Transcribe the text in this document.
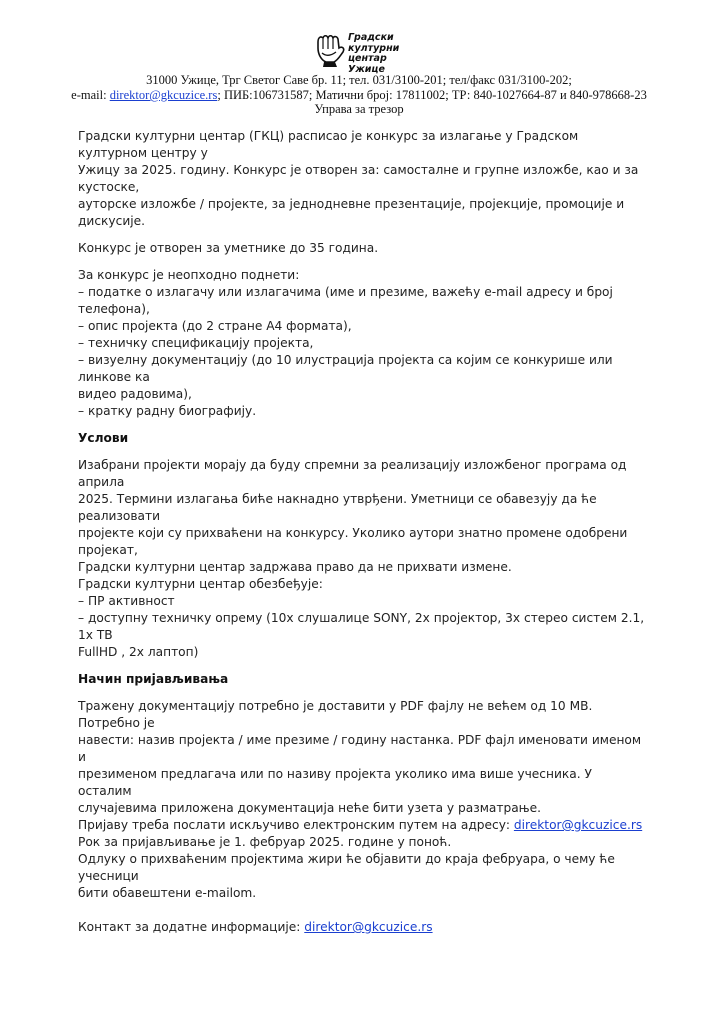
Градски
културни
центар
Ужице
31000 Ужице, Трг Светог Саве бр. 11; тел. 031/3100-201; тел/факс 031/3100-202;
e-mail: direktor@gkcuzice.rs; ПИБ:106731587; Матични број: 17811002; ТР: 840-1027664-87 и 840-978668-23
Управа за трезор

Градски културни центар (ГКЦ) расписао је конкурс за излагање у Градском културном центру у

Ужицу за 2025. годину. Конкурс је отворен за: самосталне и групне изложбе, као и за кустоске,

ауторске изложбе / пројекте, за једнодневне презентације, пројекције, промоције и дискусије.

Конкурс је отворен за уметнике до 35 година.

За конкурс је неопходно поднети:

– податке о излагачу или излагачима (име и презиме, важећу e-mail адресу и број телефона),

– опис пројекта (до 2 стране А4 формата),

– техничку спецификацију пројекта,

– визуелну документацију (до 10 илустрација пројекта са којим се конкурише или линкове ка

видео радовима),

– кратку радну биографију.

Услови

Изабрани пројекти морају да буду спремни за реализацију изложбеног програма од априла

2025. Термини излагања биће накнадно утврђени. Уметници се обавезују да ће реализовати

пројекте који су прихваћени на конкурсу. Уколико аутори знатно промене одобрени пројекат,

Градски културни центар задржава право да не прихвати измене.

Градски културни центар обезбеђује:

– ПР активност

– доступну техничку опрему (10х слушалице SONY, 2х пројектор, 3х стерео систем 2.1, 1х ТВ

FullHD , 2х лаптоп)

Начин пријављивања

Тражену документацију потребно је доставити у PDF фајлу не већем од 10 MB. Потребно је

навести: назив пројекта / име презиме / годину настанка. PDF фајл именовати именом и

презименом предлагача или по називу пројекта уколико има више учесника. У осталим

случајевима приложена документација неће бити узета у разматрање.

Пријаву треба послати искључиво електронским путем на адресу: direktor@gkcuzice.rs

Рок за пријављивање је 1. фебруар 2025. године у поноћ.

Одлуку о прихваћеним пројектима жири ће објавити до краја фебруара, о чему ће учесници

бити обавештени e-mailom.

Контакт за додатне информације: direktor@gkcuzice.rs
